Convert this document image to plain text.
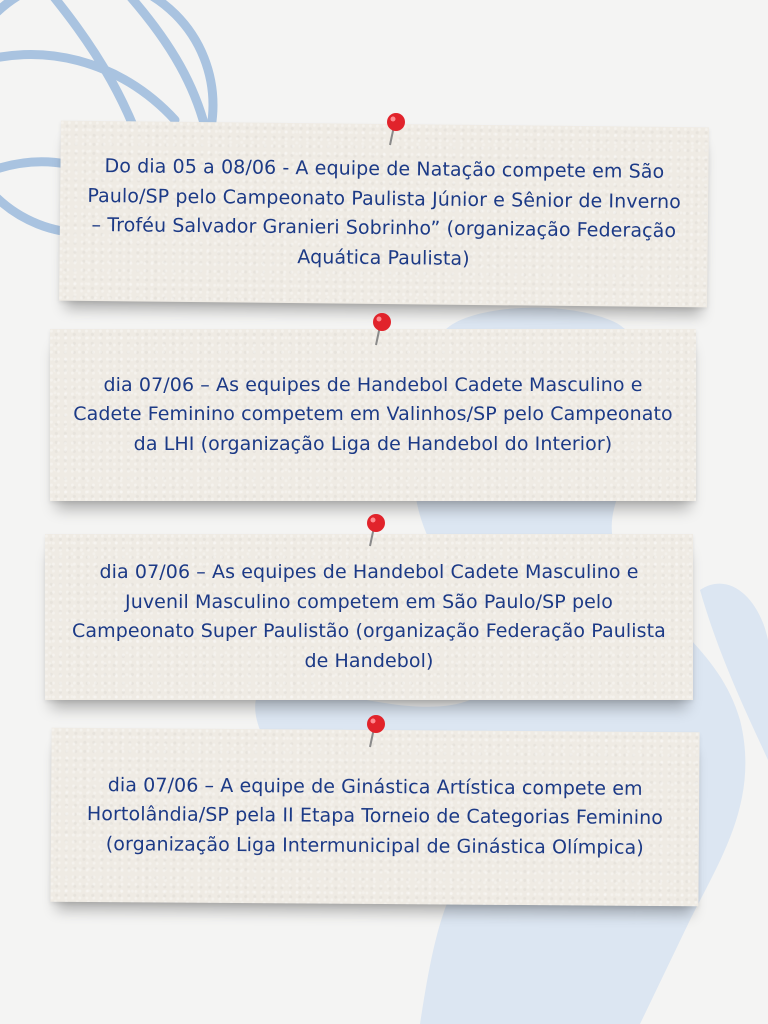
Do dia 05 a 08/06 - A equipe de Natação compete em São Paulo/SP pelo Campeonato Paulista Júnior e Sênior de Inverno – Troféu Salvador Granieri Sobrinho” (organização Federação Aquática Paulista)

dia 07/06 – As equipes de Handebol Cadete Masculino e Cadete Feminino competem em Valinhos/SP pelo Campeonato da LHI (organização Liga de Handebol do Interior)

dia 07/06 – As equipes de Handebol Cadete Masculino e Juvenil Masculino competem em São Paulo/SP pelo Campeonato Super Paulistão (organização Federação Paulista de Handebol)

dia 07/06 – A equipe de Ginástica Artística compete em Hortolândia/SP pela II Etapa Torneio de Categorias Feminino (organização Liga Intermunicipal de Ginástica Olímpica)
